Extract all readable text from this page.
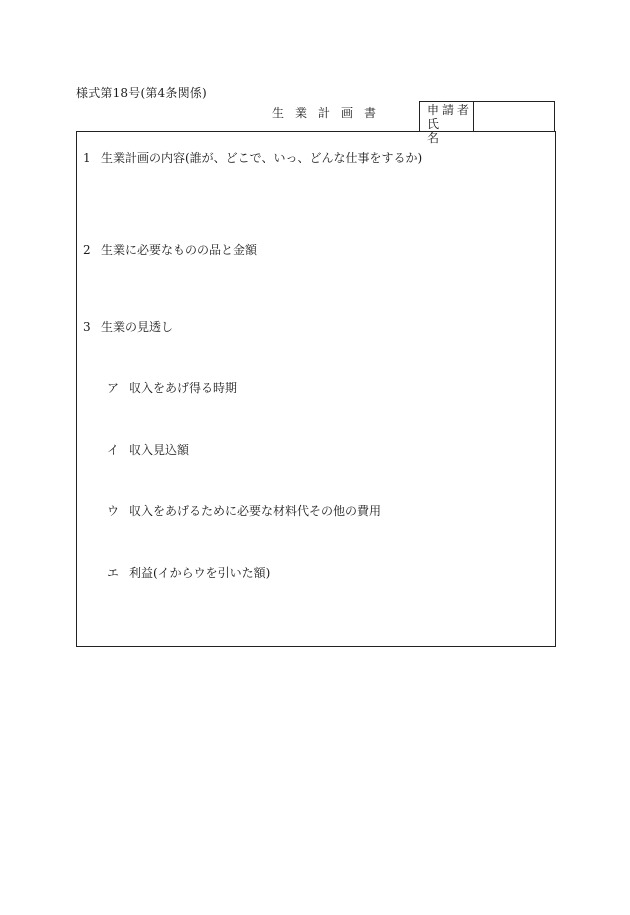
様式第18号(第4条関係)
生業計画書	申請者
氏名
1 生業計画の内容(誰が、どこで、いっ、どんな仕事をするか)
2 生業に必要なものの品と金額
3 生業の見透し
ア 収入をあげ得る時期
イ 収入見込額
ウ 収入をあげるために必要な材料代その他の費用
エ 利益(イからウを引いた額)
